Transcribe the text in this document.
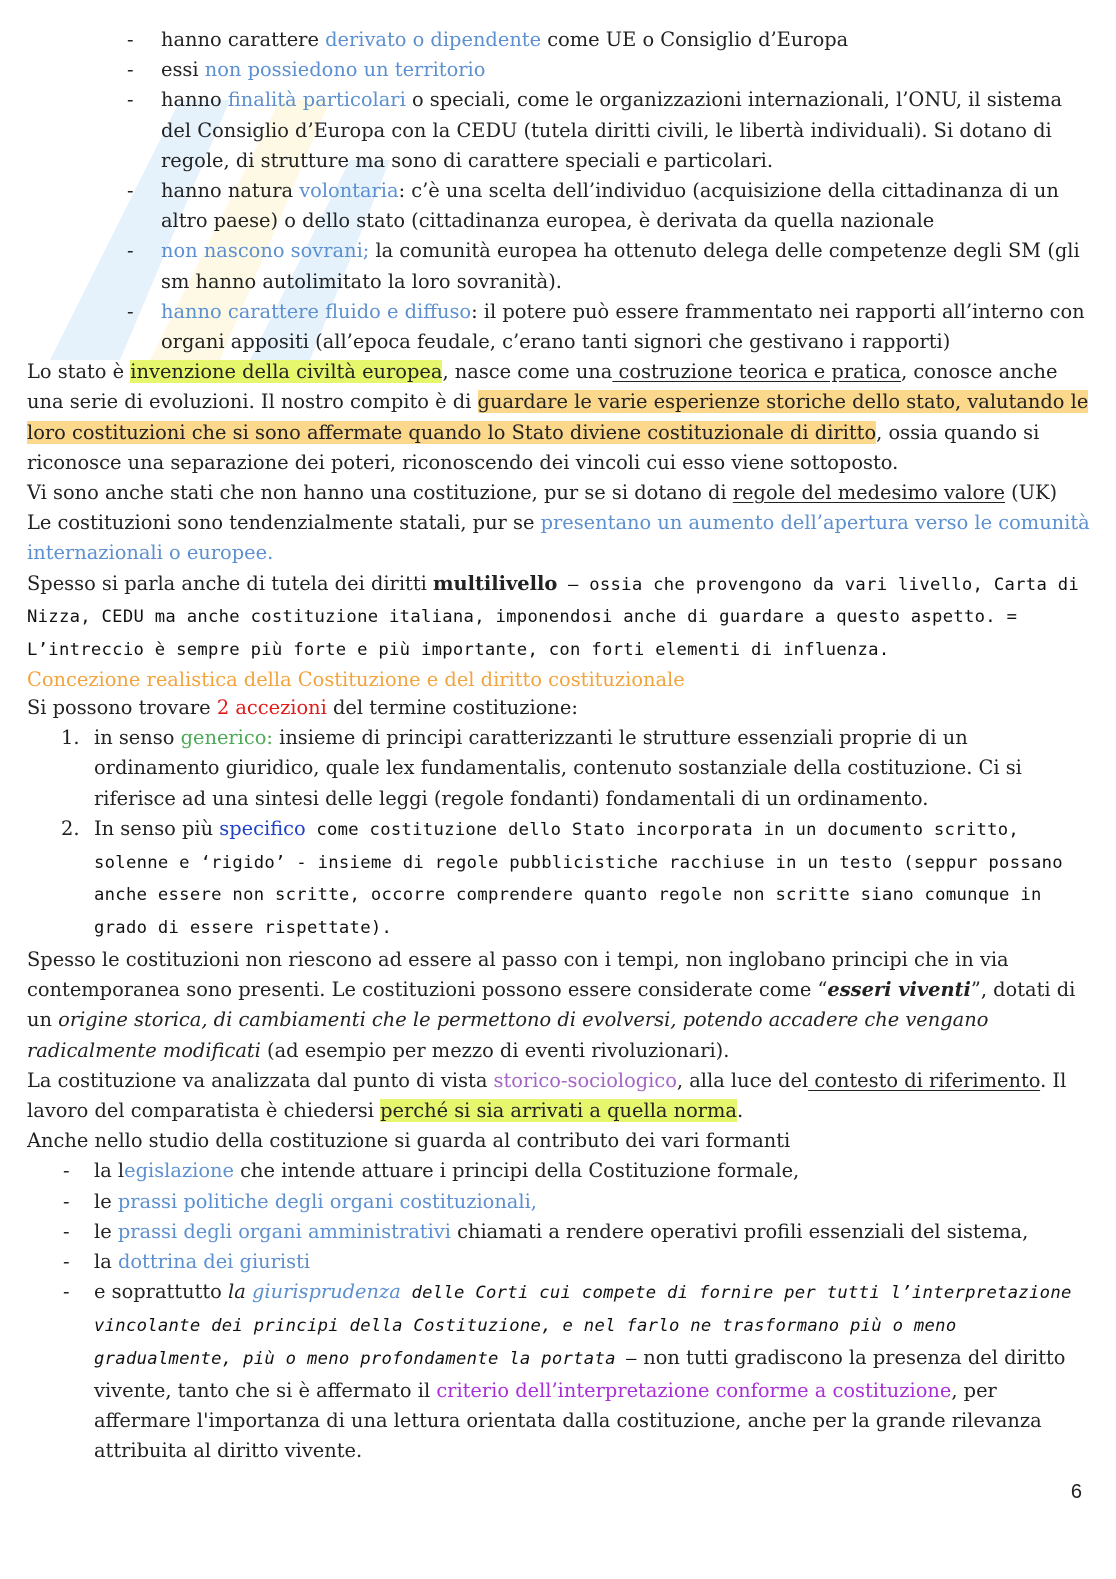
- hanno carattere derivato o dipendente come UE o Consiglio d’Europa

- essi non possiedono un territorio

- hanno finalità particolari o speciali, come le organizzazioni internazionali, l’ONU, il sistema del Consiglio d’Europa con la CEDU (tutela diritti civili, le libertà individuali). Si dotano di regole, di strutture ma sono di carattere speciali e particolari.

- hanno natura volontaria: c’è una scelta dell’individuo (acquisizione della cittadinanza di un altro paese) o dello stato (cittadinanza europea, è derivata da quella nazionale

- non nascono sovrani; la comunità europea ha ottenuto delega delle competenze degli SM (gli sm hanno autolimitato la loro sovranità).

- hanno carattere fluido e diffuso: il potere può essere frammentato nei rapporti all’interno con organi appositi (all’epoca feudale, c’erano tanti signori che gestivano i rapporti)

Lo stato è invenzione della civiltà europea, nasce come una costruzione teorica e pratica, conosce anche una serie di evoluzioni. Il nostro compito è di guardare le varie esperienze storiche dello stato, valutando le loro costituzioni che si sono affermate quando lo Stato diviene costituzionale di diritto, ossia quando si riconosce una separazione dei poteri, riconoscendo dei vincoli cui esso viene sottoposto.

Vi sono anche stati che non hanno una costituzione, pur se si dotano di regole del medesimo valore (UK)

Le costituzioni sono tendenzialmente statali, pur se presentano un aumento dell’apertura verso le comunità internazionali o europee.

Spesso si parla anche di tutela dei diritti multilivello – ossia che provengono da vari livello, Carta di Nizza, CEDU ma anche costituzione italiana, imponendosi anche di guardare a questo aspetto. = L’intreccio è sempre più forte e più importante, con forti elementi di influenza.

Concezione realistica della Costituzione e del diritto costituzionale

Si possono trovare 2 accezioni del termine costituzione:

1. in senso generico: insieme di principi caratterizzanti le strutture essenziali proprie di un ordinamento giuridico, quale lex fundamentalis, contenuto sostanziale della costituzione. Ci si riferisce ad una sintesi delle leggi (regole fondanti) fondamentali di un ordinamento.

2. In senso più specifico come costituzione dello Stato incorporata in un documento scritto, solenne e ‘rigido’ - insieme di regole pubblicistiche racchiuse in un testo (seppur possano anche essere non scritte, occorre comprendere quanto regole non scritte siano comunque in grado di essere rispettate).

Spesso le costituzioni non riescono ad essere al passo con i tempi, non inglobano principi che in via contemporanea sono presenti. Le costituzioni possono essere considerate come “esseri viventi”, dotati di un origine storica, di cambiamenti che le permettono di evolversi, potendo accadere che vengano radicalmente modificati (ad esempio per mezzo di eventi rivoluzionari).

La costituzione va analizzata dal punto di vista storico-sociologico, alla luce del contesto di riferimento. Il lavoro del comparatista è chiedersi perché si sia arrivati a quella norma.

Anche nello studio della costituzione si guarda al contributo dei vari formanti

- la legislazione che intende attuare i principi della Costituzione formale,

- le prassi politiche degli organi costituzionali,

- le prassi degli organi amministrativi chiamati a rendere operativi profili essenziali del sistema,

- la dottrina dei giuristi

- e soprattutto la giurisprudenza delle Corti cui compete di fornire per tutti l’interpretazione vincolante dei principi della Costituzione, e nel farlo ne trasformano più o meno gradualmente, più o meno profondamente la portata – non tutti gradiscono la presenza del diritto vivente, tanto che si è affermato il criterio dell’interpretazione conforme a costituzione, per affermare l'importanza di una lettura orientata dalla costituzione, anche per la grande rilevanza attribuita al diritto vivente.

6
